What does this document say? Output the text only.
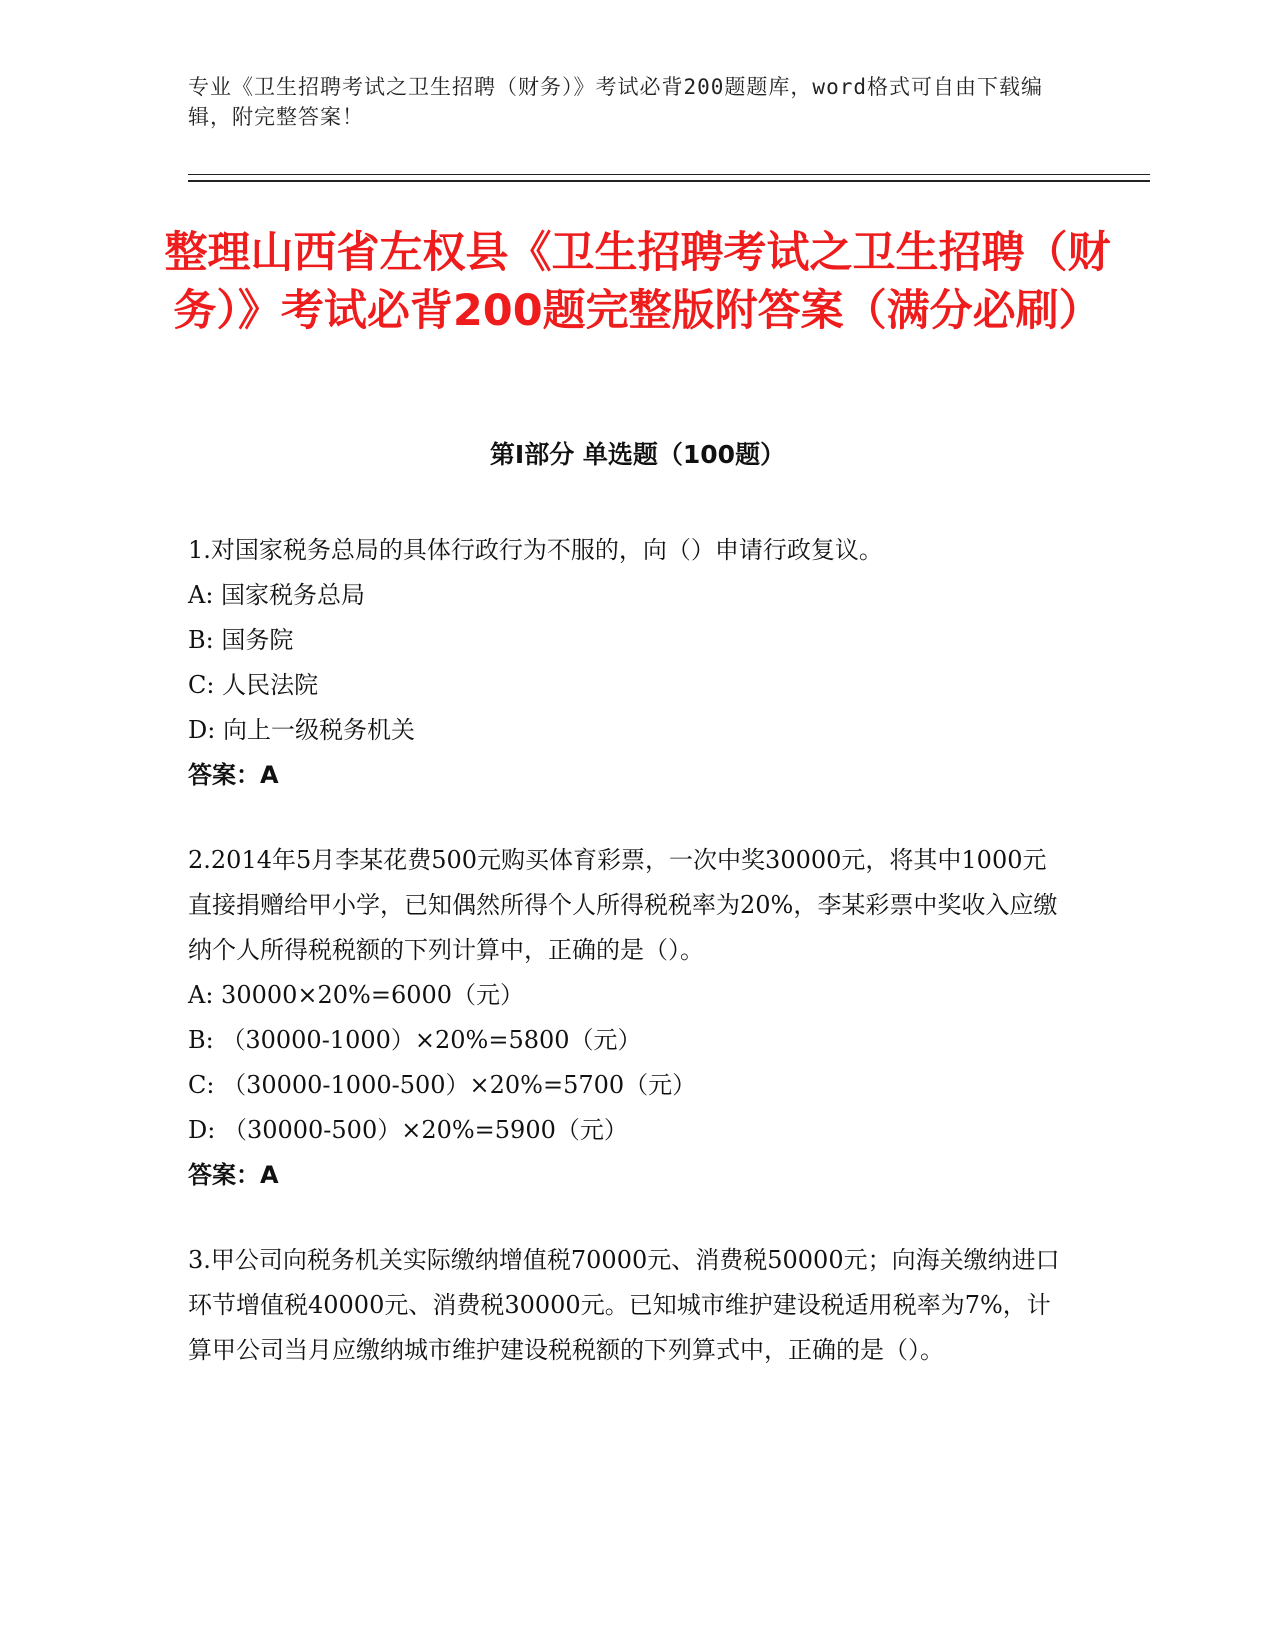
专业《卫生招聘考试之卫生招聘（财务）》考试必背200题题库，word格式可自由下载编辑，附完整答案！
整理山西省左权县《卫生招聘考试之卫生招聘（财务）》考试必背200题完整版附答案（满分必刷）
第I部分 单选题（100题）

1.对国家税务总局的具体行政行为不服的，向（）申请行政复议。

A: 国家税务总局
B: 国务院
C: 人民法院
D: 向上一级税务机关
答案：A

2.2014年5月李某花费500元购买体育彩票，一次中奖30000元，将其中1000元直接捐赠给甲小学，已知偶然所得个人所得税税率为20%，李某彩票中奖收入应缴纳个人所得税税额的下列计算中，正确的是（）。

A: 30000×20%=6000（元）
B: （30000-1000）×20%=5800（元）
C: （30000-1000-500）×20%=5700（元）
D: （30000-500）×20%=5900（元）
答案：A

3.甲公司向税务机关实际缴纳增值税70000元、消费税50000元；向海关缴纳进口环节增值税40000元、消费税30000元。已知城市维护建设税适用税率为7%，计算甲公司当月应缴纳城市维护建设税税额的下列算式中，正确的是（）。
